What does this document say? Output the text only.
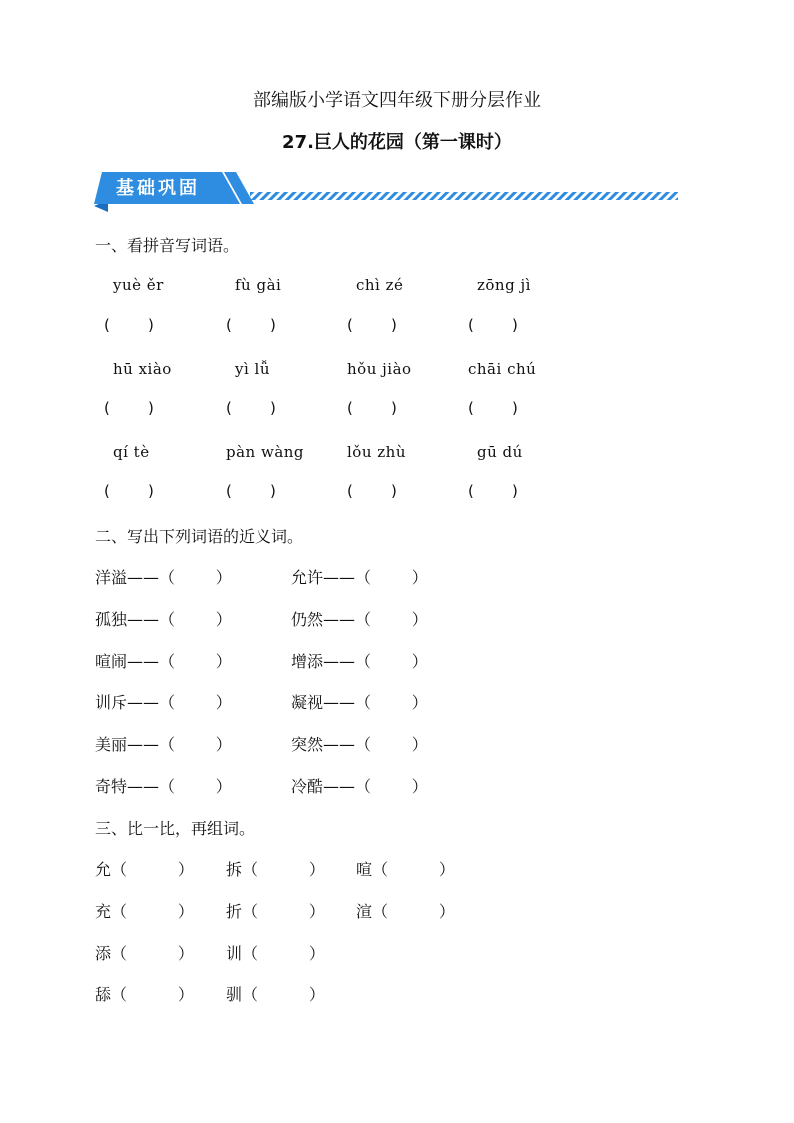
部编版小学语文四年级下册分层作业
27.巨人的花园（第一课时）
基础巩固
一、看拼音写词语。
yuè ěr	fù gài	chì zé	zōng jì
(        )	(        )	(        )	(        )
hū xiào	yì lǚ	hǒu jiào	chāi chú
(        )	(        )	(        )	(        )
qí tè	pàn wàng	lǒu zhù	gū dú
(        )	(        )	(        )	(        )
二、写出下列词语的近义词。
洋溢——（        ）	允许——（        ）
孤独——（        ）	仍然——（        ）
喧闹——（        ）	增添——（        ）
训斥——（        ）	凝视——（        ）
美丽——（        ）	突然——（        ）
奇特——（        ）	冷酷——（        ）
三、比一比，再组词。
允（          ） 拆（          ） 喧（          ）
充（          ） 折（          ） 渲（          ）
添（          ） 训（          ）
舔（          ） 驯（          ）
